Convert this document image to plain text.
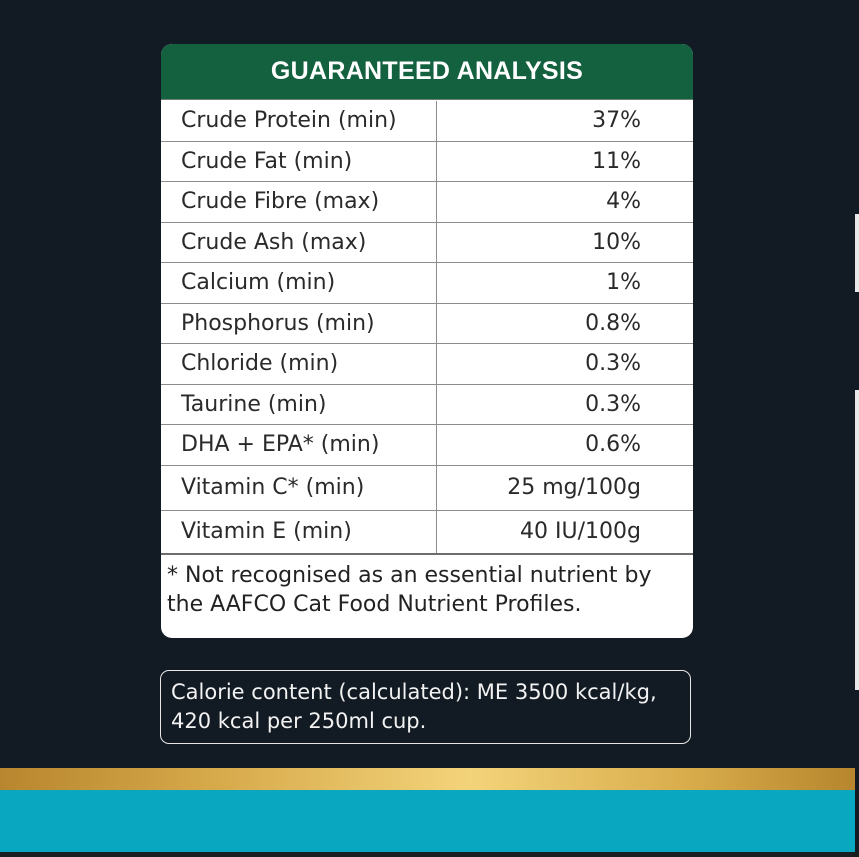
GUARANTEED ANALYSIS
Crude Protein (min)	37%
Crude Fat (min)	11%
Crude Fibre (max)	4%
Crude Ash (max)	10%
Calcium (min)	1%
Phosphorus (min)	0.8%
Chloride (min)	0.3%
Taurine (min)	0.3%
DHA + EPA* (min)	0.6%
Vitamin C* (min)	25 mg/100g
Vitamin E (min)	40 IU/100g
* Not recognised as an essential nutrient by the AAFCO Cat Food Nutrient Profiles.
Calorie content (calculated): ME 3500 kcal/kg, 420 kcal per 250ml cup.
